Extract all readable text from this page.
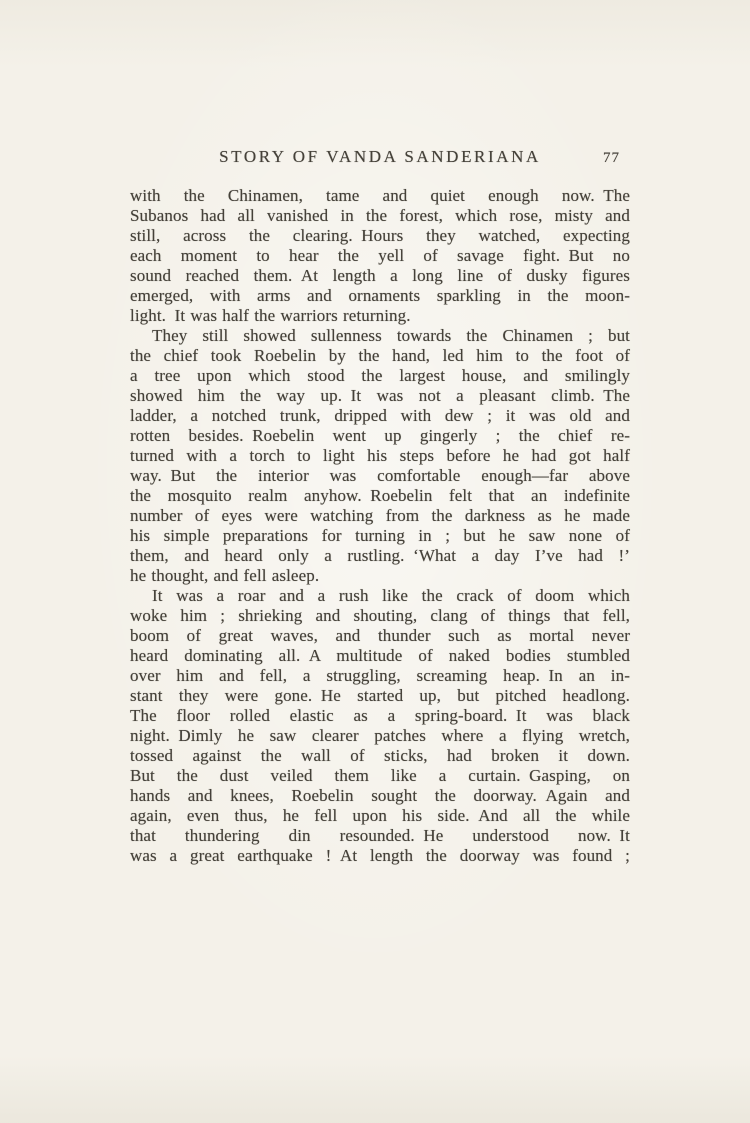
STORY OF VANDA SANDERIANA	77
with the Chinamen, tame and quiet enough now. The
Subanos had all vanished in the forest, which rose, misty and
still, across the clearing. Hours they watched, expecting
each moment to hear the yell of savage fight. But no
sound reached them. At length a long line of dusky figures
emerged, with arms and ornaments sparkling in the moon-
light. It was half the warriors returning.
They still showed sullenness towards the Chinamen ; but
the chief took Roebelin by the hand, led him to the foot of
a tree upon which stood the largest house, and smilingly
showed him the way up. It was not a pleasant climb. The
ladder, a notched trunk, dripped with dew ; it was old and
rotten besides. Roebelin went up gingerly ; the chief re-
turned with a torch to light his steps before he had got half
way. But the interior was comfortable enough—far above
the mosquito realm anyhow. Roebelin felt that an indefinite
number of eyes were watching from the darkness as he made
his simple preparations for turning in ; but he saw none of
them, and heard only a rustling. ‘What a day I’ve had !’
he thought, and fell asleep.
It was a roar and a rush like the crack of doom which
woke him ; shrieking and shouting, clang of things that fell,
boom of great waves, and thunder such as mortal never
heard dominating all. A multitude of naked bodies stumbled
over him and fell, a struggling, screaming heap. In an in-
stant they were gone. He started up, but pitched headlong.
The floor rolled elastic as a spring-board. It was black
night. Dimly he saw clearer patches where a flying wretch,
tossed against the wall of sticks, had broken it down.
But the dust veiled them like a curtain. Gasping, on
hands and knees, Roebelin sought the doorway. Again and
again, even thus, he fell upon his side. And all the while
that thundering din resounded. He understood now. It
was a great earthquake ! At length the doorway was found ;
